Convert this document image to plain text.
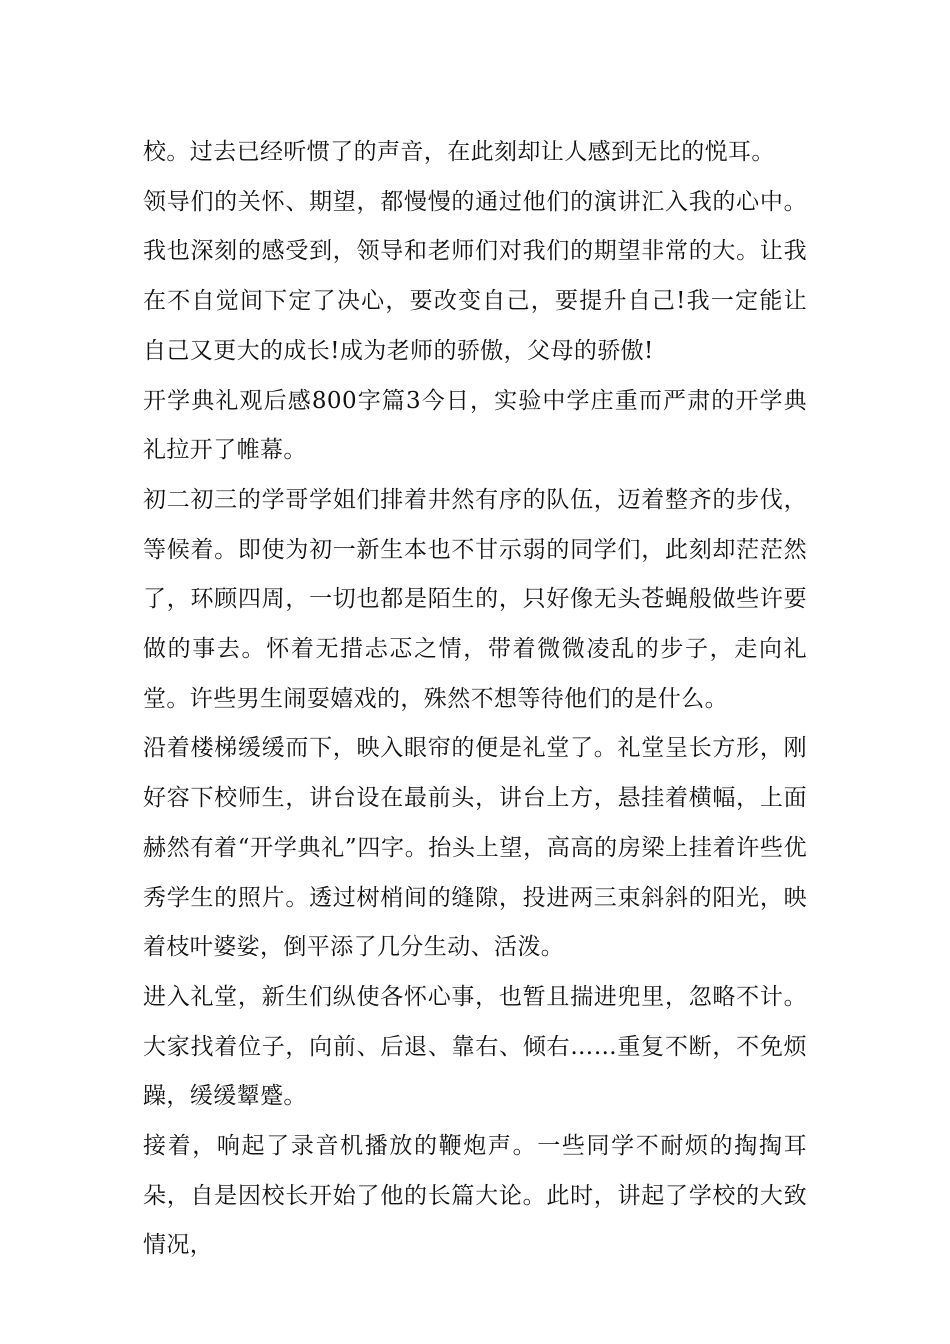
校。过去已经听惯了的声音，在此刻却让人感到无比的悦耳。

领导们的关怀、期望，都慢慢的通过他们的演讲汇入我的心中。我也深刻的感受到，领导和老师们对我们的期望非常的大。让我在不自觉间下定了决心，要改变自己，要提升自己!我一定能让自己又更大的成长!成为老师的骄傲，父母的骄傲!

开学典礼观后感800字篇3今日，实验中学庄重而严肃的开学典礼拉开了帷幕。

初二初三的学哥学姐们排着井然有序的队伍，迈着整齐的步伐，等候着。即使为初一新生本也不甘示弱的同学们，此刻却茫茫然了，环顾四周，一切也都是陌生的，只好像无头苍蝇般做些许要做的事去。怀着无措忐忑之情，带着微微凌乱的步子，走向礼堂。许些男生闹耍嬉戏的，殊然不想等待他们的是什么。

沿着楼梯缓缓而下，映入眼帘的便是礼堂了。礼堂呈长方形，刚好容下校师生，讲台设在最前头，讲台上方，悬挂着横幅，上面赫然有着“开学典礼”四字。抬头上望，高高的房梁上挂着许些优秀学生的照片。透过树梢间的缝隙，投进两三束斜斜的阳光，映着枝叶婆娑，倒平添了几分生动、活泼。

进入礼堂，新生们纵使各怀心事，也暂且揣进兜里，忽略不计。大家找着位子，向前、后退、靠右、倾右……重复不断，不免烦躁，缓缓颦蹙。

接着，响起了录音机播放的鞭炮声。一些同学不耐烦的掏掏耳朵，自是因校长开始了他的长篇大论。此时，讲起了学校的大致情况，
